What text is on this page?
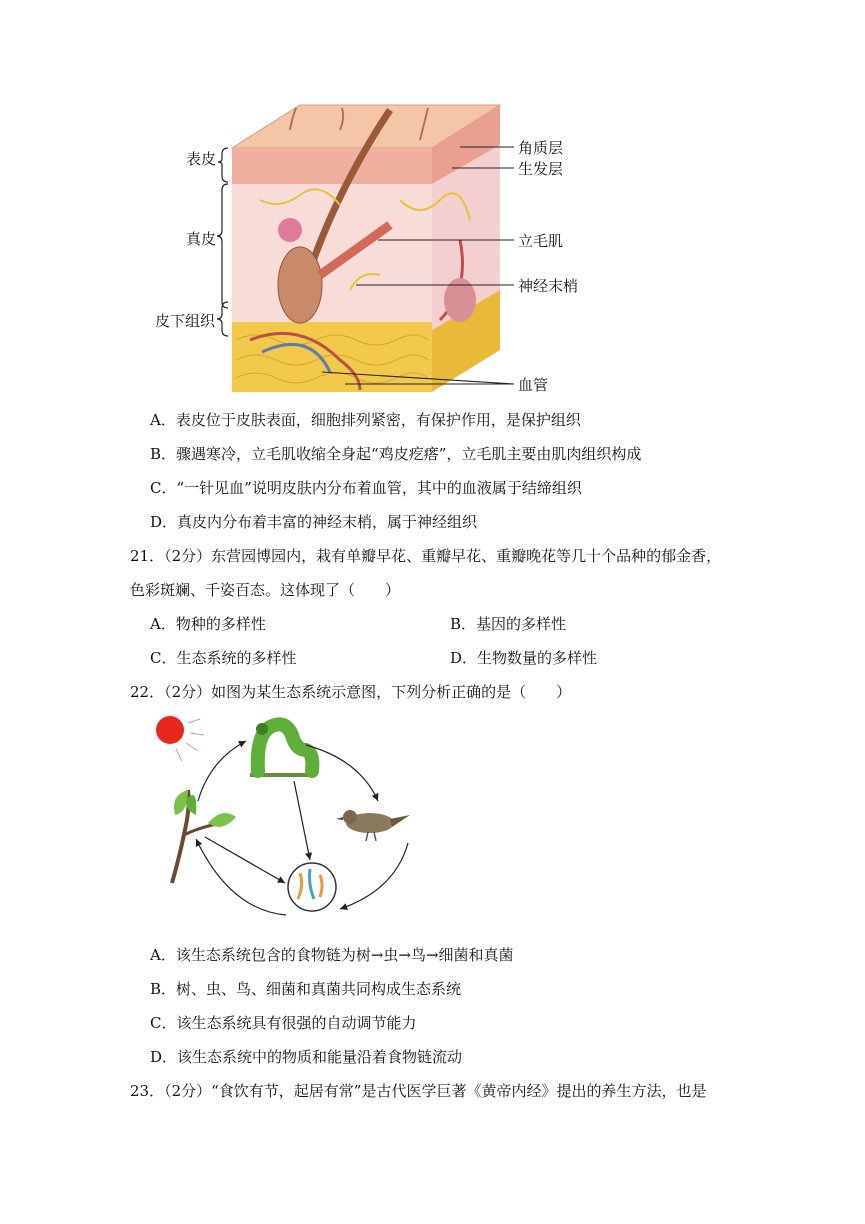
表皮
真皮
皮下组织
角质层
生发层
立毛肌
神经末梢
血管
A．表皮位于皮肤表面，细胞排列紧密，有保护作用，是保护组织
B．骤遇寒冷，立毛肌收缩全身起“鸡皮疙瘩”，立毛肌主要由肌肉组织构成
C．“一针见血”说明皮肤内分布着血管，其中的血液属于结缔组织
D．真皮内分布着丰富的神经末梢，属于神经组织
21．（2分）东营园博园内，栽有单瓣早花、重瓣早花、重瓣晚花等几十个品种的郁金香，
色彩斑斓、千姿百态。这体现了（　　）
A．物种的多样性	B．基因的多样性
C．生态系统的多样性	D．生物数量的多样性
22．（2分）如图为某生态系统示意图，下列分析正确的是（　　）
A．该生态系统包含的食物链为树→虫→鸟→细菌和真菌
B．树、虫、鸟、细菌和真菌共同构成生态系统
C．该生态系统具有很强的自动调节能力
D．该生态系统中的物质和能量沿着食物链流动
23．（2分）“食饮有节，起居有常”是古代医学巨著《黄帝内经》提出的养生方法，也是
